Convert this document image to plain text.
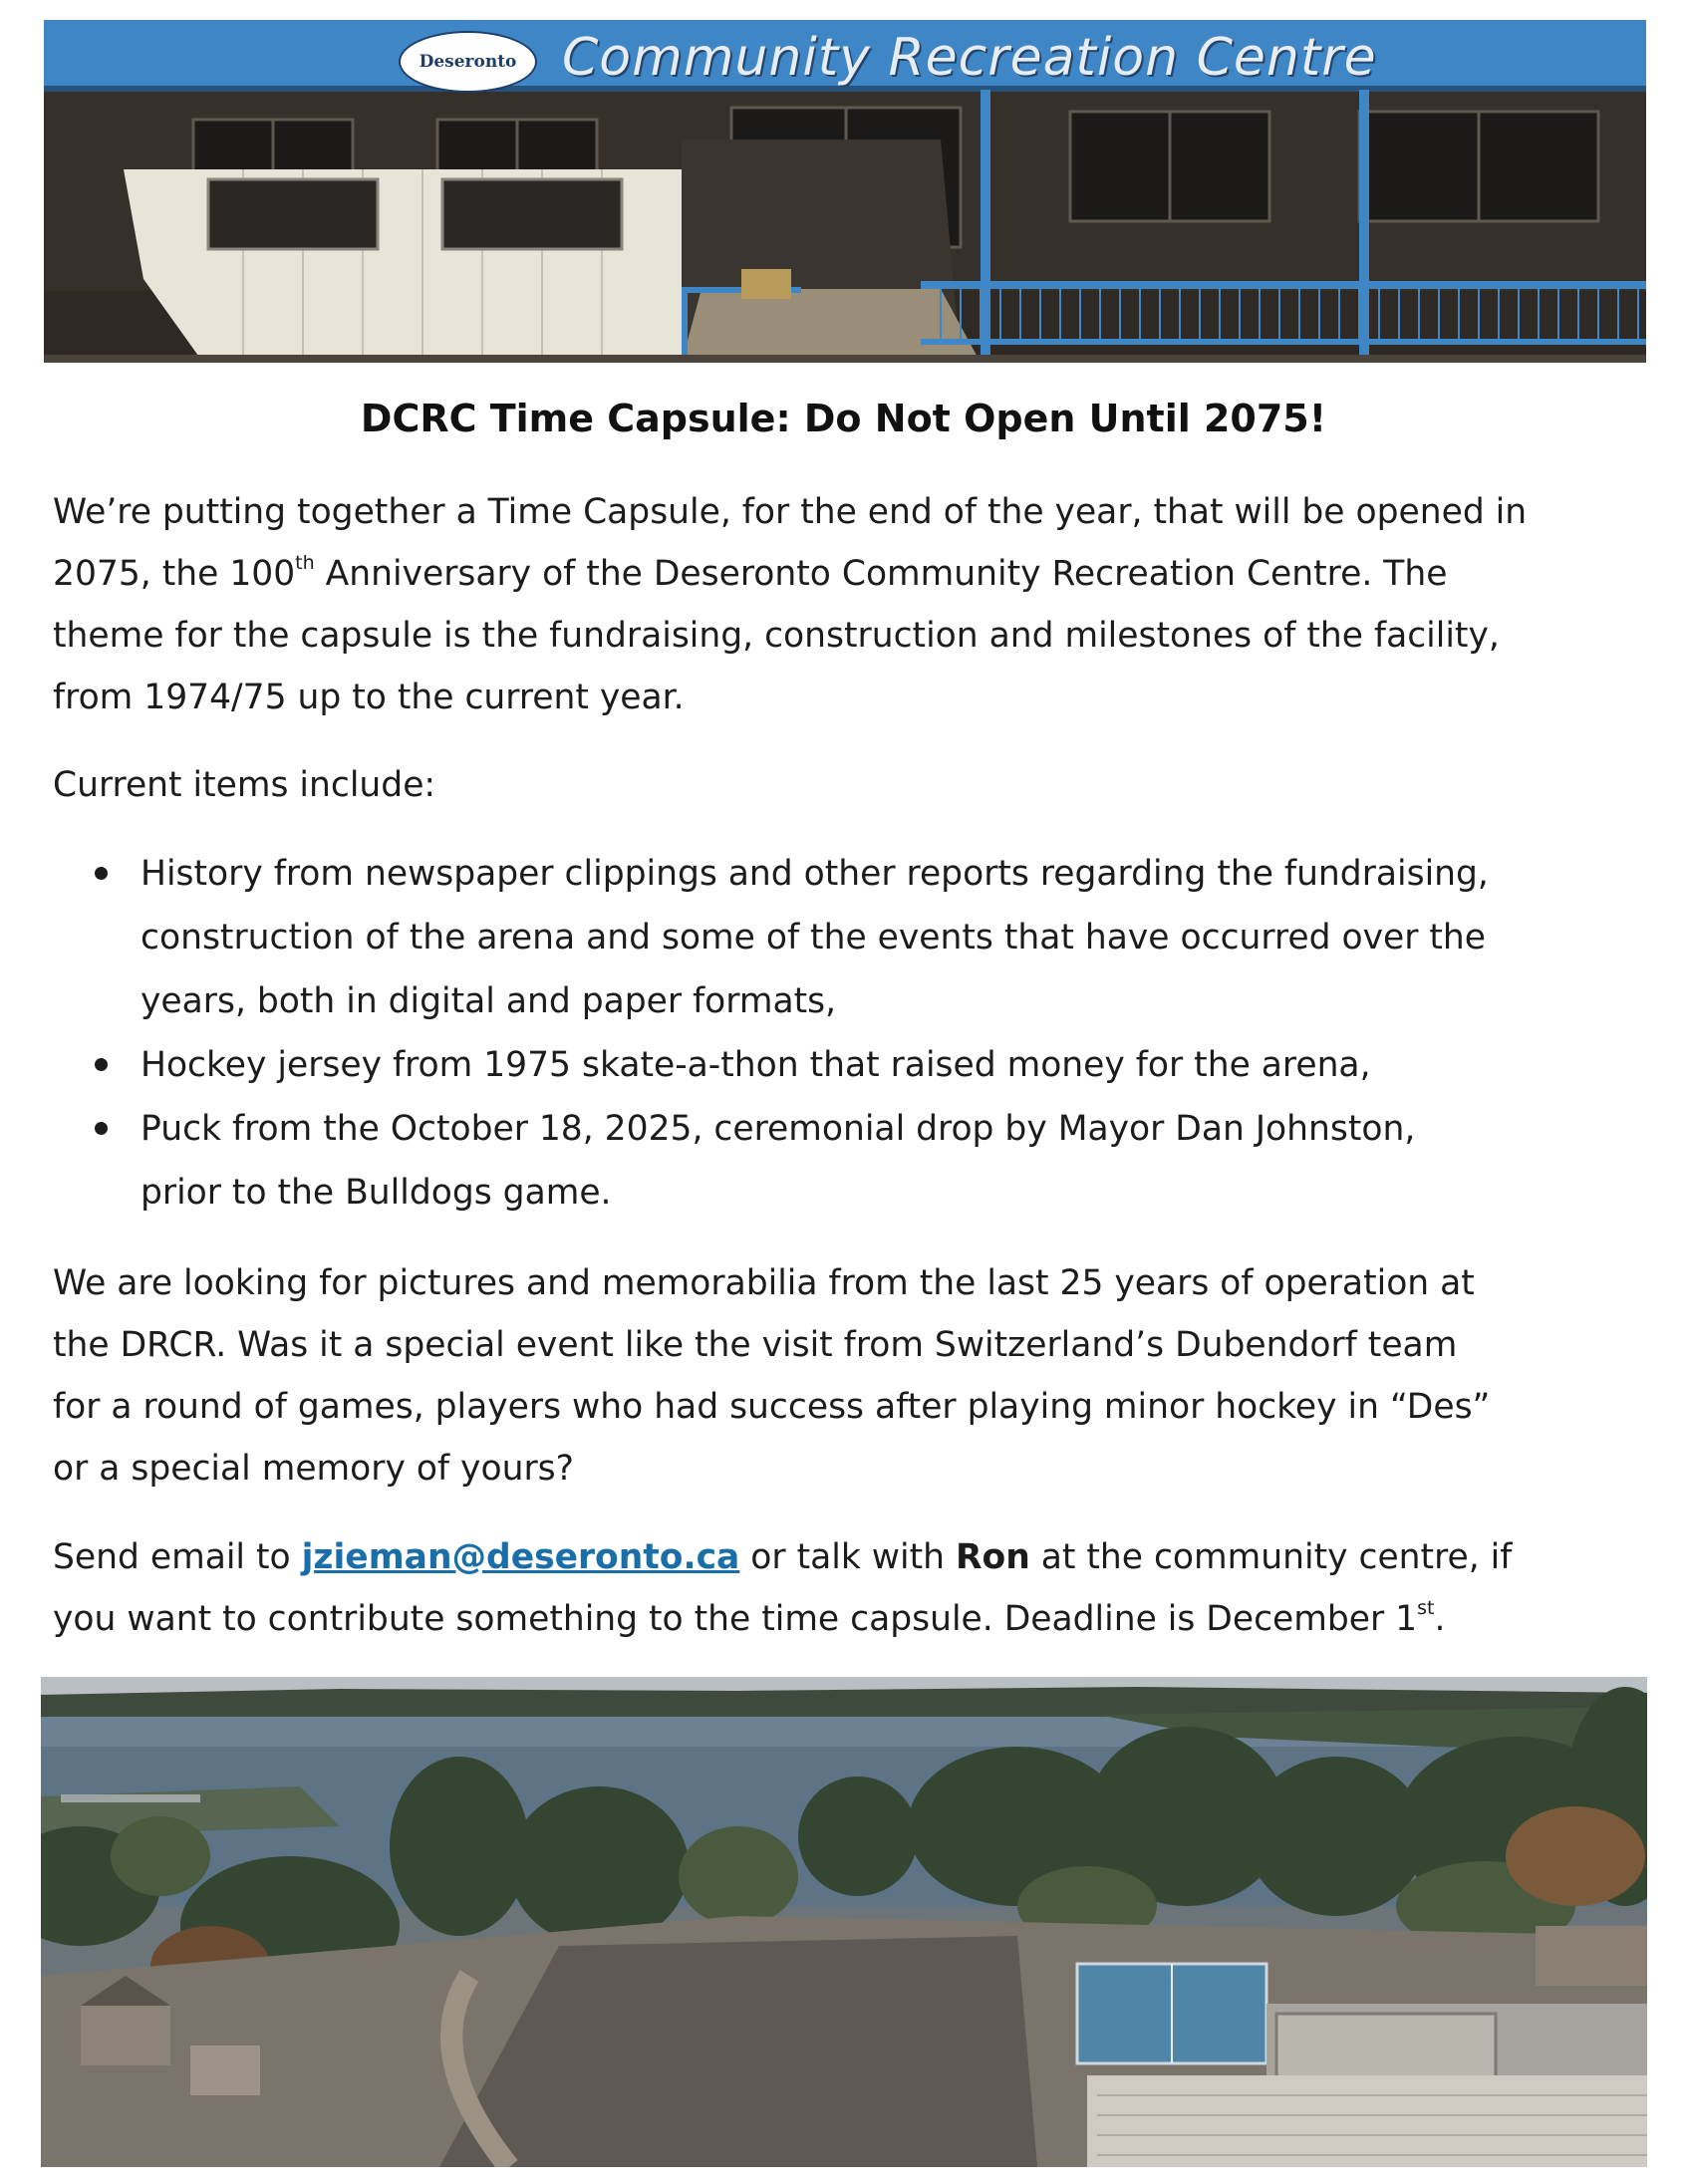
Deseronto Community Recreation Centre
DCRC Time Capsule: Do Not Open Until 2075!

We’re putting together a Time Capsule, for the end of the year, that will be opened in
2075, the 100th Anniversary of the Deseronto Community Recreation Centre. The
theme for the capsule is the fundraising, construction and milestones of the facility,
from 1974/75 up to the current year.

Current items include:

History from newspaper clippings and other reports regarding the fundraising,
construction of the arena and some of the events that have occurred over the
years, both in digital and paper formats,
Hockey jersey from 1975 skate-a-thon that raised money for the arena,
Puck from the October 18, 2025, ceremonial drop by Mayor Dan Johnston,
prior to the Bulldogs game.

We are looking for pictures and memorabilia from the last 25 years of operation at
the DRCR. Was it a special event like the visit from Switzerland’s Dubendorf team
for a round of games, players who had success after playing minor hockey in “Des”
or a special memory of yours?

Send email to jzieman@deseronto.ca or talk with Ron at the community centre, if
you want to contribute something to the time capsule. Deadline is December 1st.
